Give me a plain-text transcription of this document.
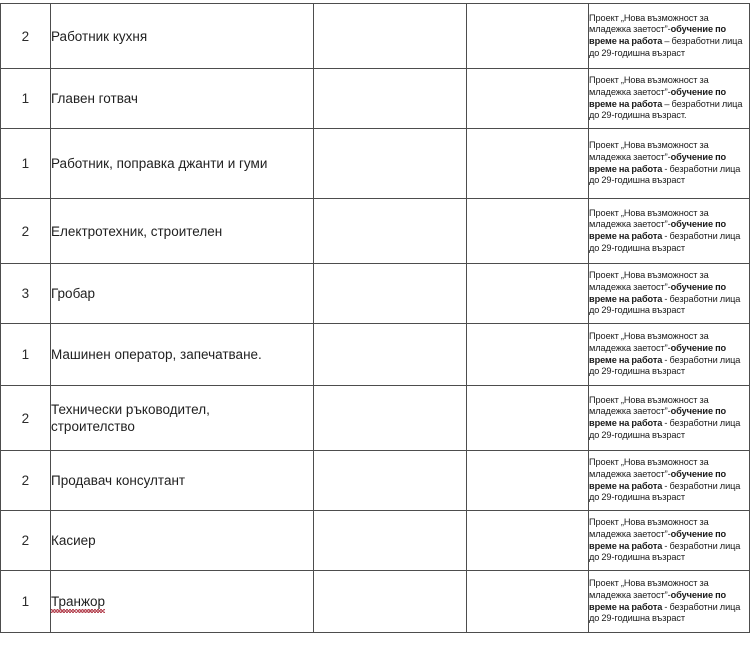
2	Работник кухня			Проект „Нова възможност за младежка заетост”-обучение по време на работа – безработни лица до 29-годишна възраст

1	Главен готвач			Проект „Нова възможност за младежка заетост”-обучение по време на работа – безработни лица до 29-годишна възраст.

1	Работник, поправка джанти и гуми			Проект „Нова възможност за младежка заетост”-обучение по време на работа - безработни лица до 29-годишна възраст

2	Електротехник, строителен			Проект „Нова възможност за младежка заетост”-обучение по време на работа - безработни лица до 29-годишна възраст

3	Гробар			Проект „Нова възможност за младежка заетост”-обучение по време на работа - безработни лица до 29-годишна възраст

1	Машинен оператор, запечатване.			Проект „Нова възможност за младежка заетост”-обучение по време на работа - безработни лица до 29-годишна възраст

2	Технически ръководител,
строителство			Проект „Нова възможност за младежка заетост”-обучение по време на работа - безработни лица до 29-годишна възраст

2	Продавач консултант			Проект „Нова възможност за младежка заетост”-обучение по време на работа - безработни лица до 29-годишна възраст

2	Касиер			Проект „Нова възможност за младежка заетост”-обучение по време на работа - безработни лица до 29-годишна възраст

1	Транжор			Проект „Нова възможност за младежка заетост”-обучение по време на работа - безработни лица до 29-годишна възраст
